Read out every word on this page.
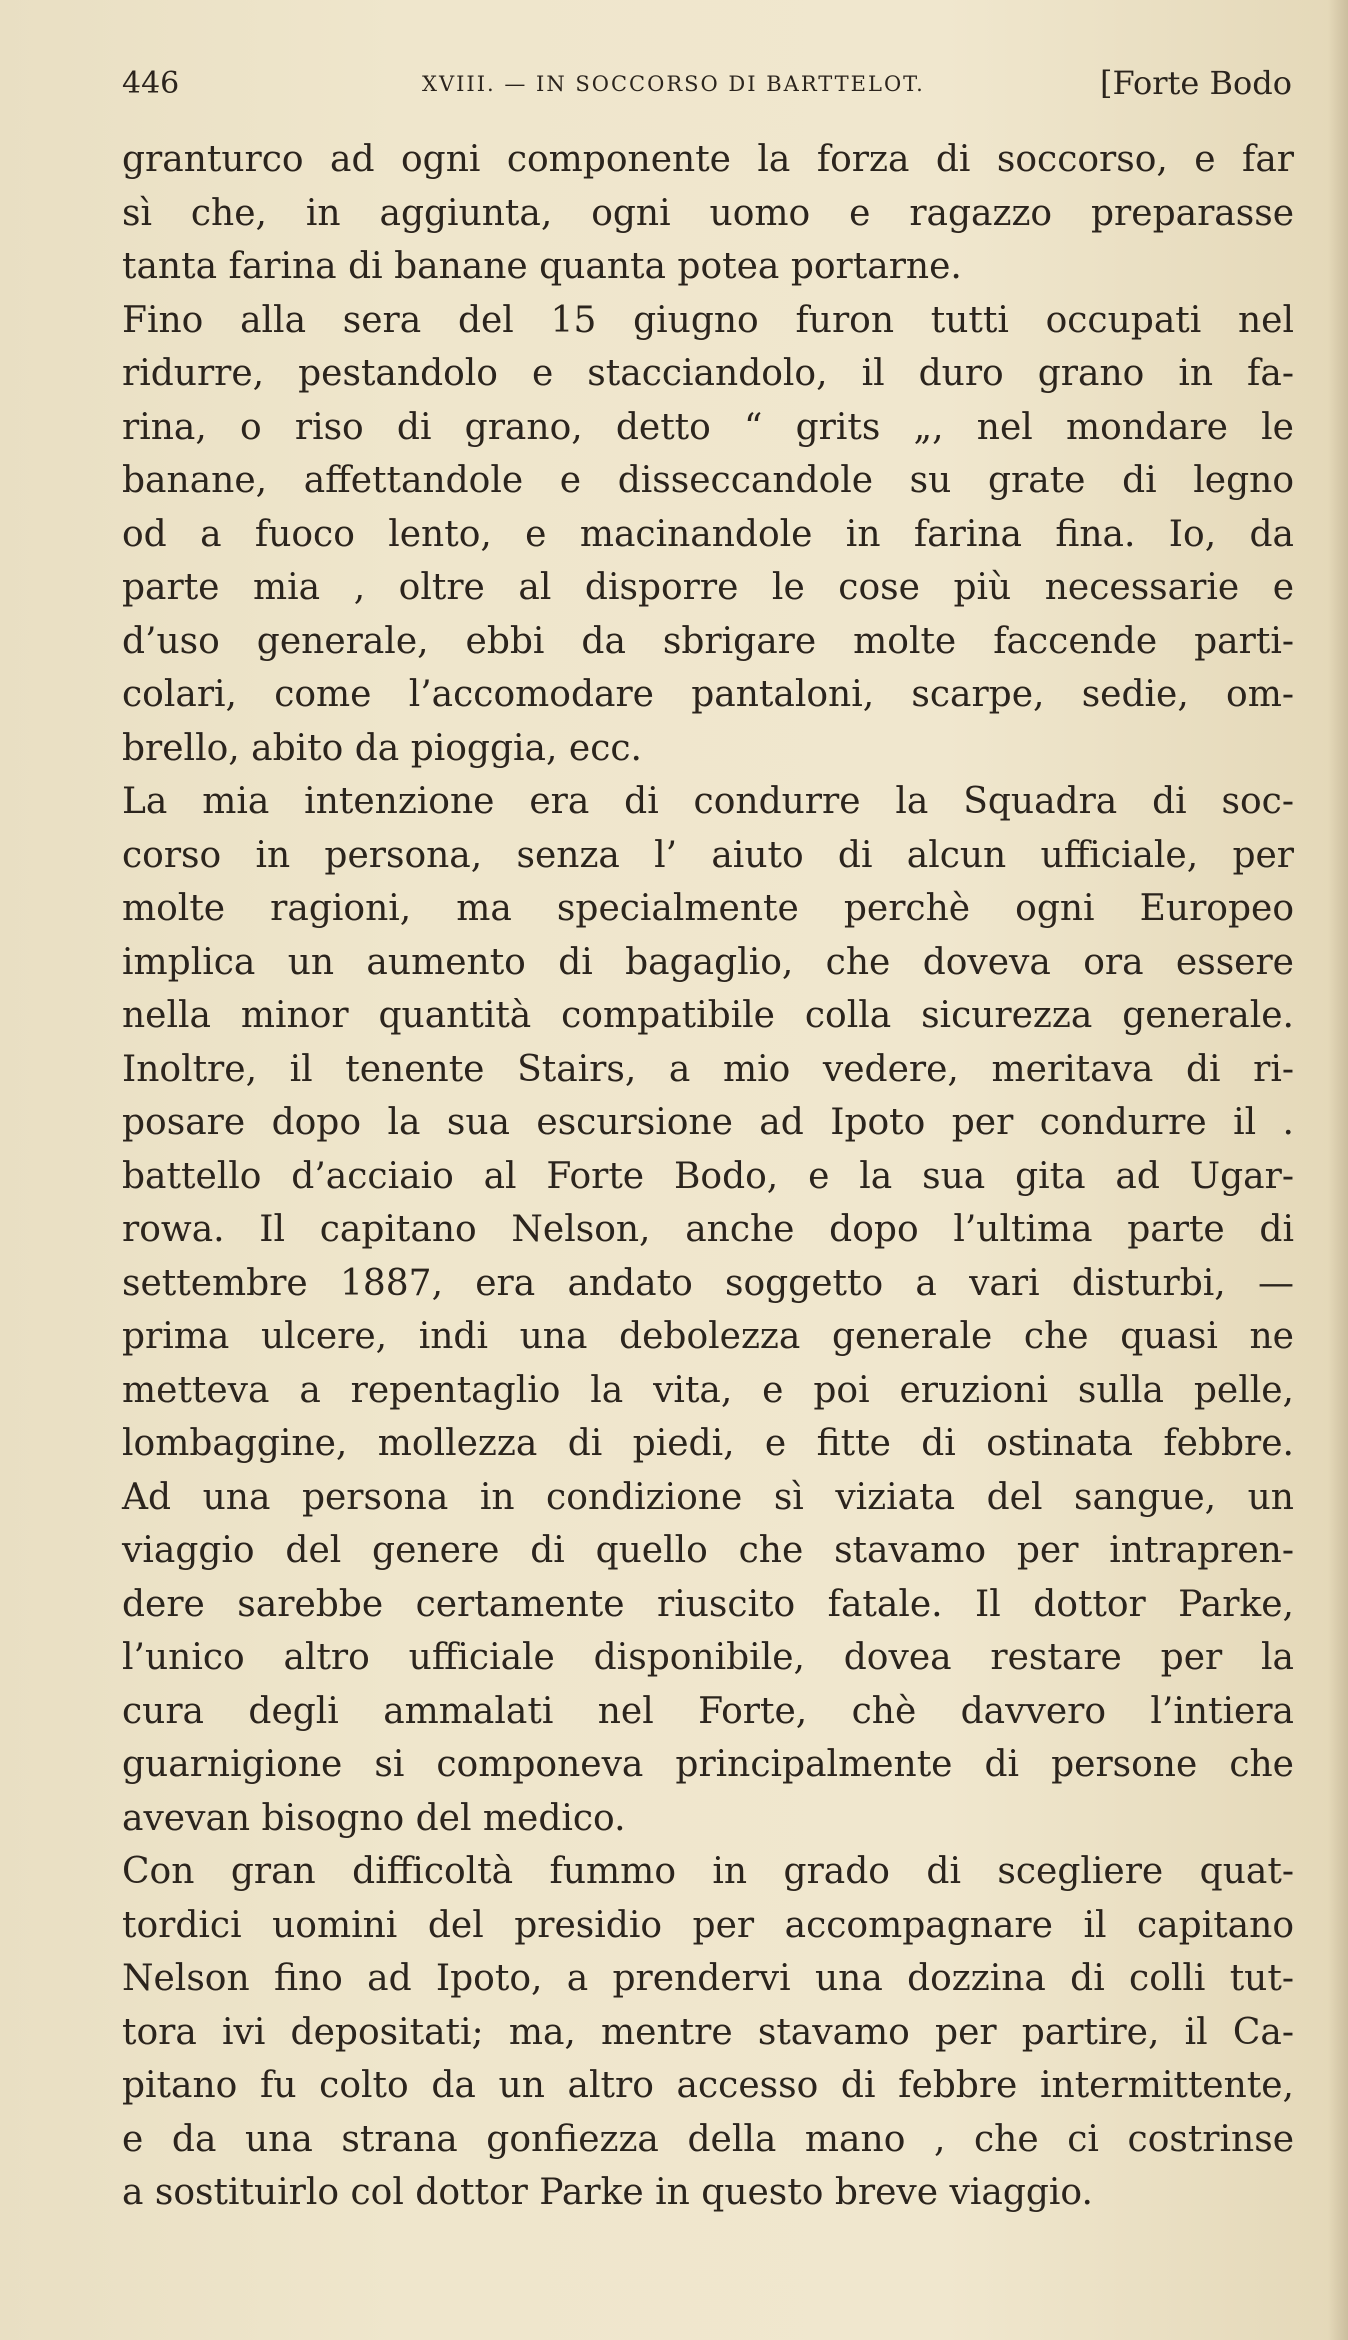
446	XVIII. — IN SOCCORSO DI BARTTELOT.	[Forte Bodo
granturco ad ogni componente la forza di soccorso, e far
sì che, in aggiunta, ogni uomo e ragazzo preparasse
tanta farina di banane quanta potea portarne.
Fino alla sera del 15 giugno furon tutti occupati nel
ridurre, pestandolo e stacciandolo, il duro grano in fa-
rina, o riso di grano, detto “ grits „, nel mondare le
banane, affettandole e disseccandole su grate di legno
od a fuoco lento, e macinandole in farina fina. Io, da
parte mia , oltre al disporre le cose più necessarie e
d’uso generale, ebbi da sbrigare molte faccende parti-
colari, come l’accomodare pantaloni, scarpe, sedie, om-
brello, abito da pioggia, ecc.
La mia intenzione era di condurre la Squadra di soc-
corso in persona, senza l’ aiuto di alcun ufficiale, per
molte ragioni, ma specialmente perchè ogni Europeo
implica un aumento di bagaglio, che doveva ora essere
nella minor quantità compatibile colla sicurezza generale.
Inoltre, il tenente Stairs, a mio vedere, meritava di ri-
posare dopo la sua escursione ad Ipoto per condurre il .
battello d’acciaio al Forte Bodo, e la sua gita ad Ugar-
rowa. Il capitano Nelson, anche dopo l’ultima parte di
settembre 1887, era andato soggetto a vari disturbi, —
prima ulcere, indi una debolezza generale che quasi ne
metteva a repentaglio la vita, e poi eruzioni sulla pelle,
lombaggine, mollezza di piedi, e fitte di ostinata febbre.
Ad una persona in condizione sì viziata del sangue, un
viaggio del genere di quello che stavamo per intrapren-
dere sarebbe certamente riuscito fatale. Il dottor Parke,
l’unico altro ufficiale disponibile, dovea restare per la
cura degli ammalati nel Forte, chè davvero l’intiera
guarnigione si componeva principalmente di persone che
avevan bisogno del medico.
Con gran difficoltà fummo in grado di scegliere quat-
tordici uomini del presidio per accompagnare il capitano
Nelson fino ad Ipoto, a prendervi una dozzina di colli tut-
tora ivi depositati; ma, mentre stavamo per partire, il Ca-
pitano fu colto da un altro accesso di febbre intermittente,
e da una strana gonfiezza della mano , che ci costrinse
a sostituirlo col dottor Parke in questo breve viaggio.
